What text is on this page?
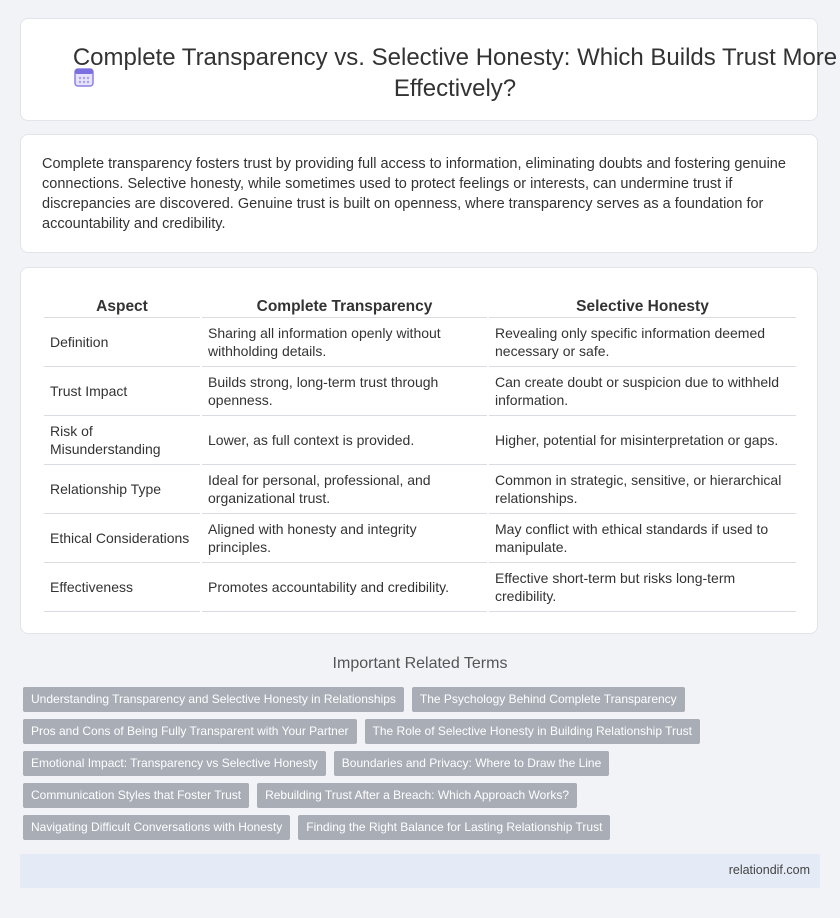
Complete Transparency vs. Selective Honesty: Which Builds Trust More Effectively?

Complete transparency fosters trust by providing full access to information, eliminating doubts and fostering genuine connections. Selective honesty, while sometimes used to protect feelings or interests, can undermine trust if discrepancies are discovered. Genuine trust is built on openness, where transparency serves as a foundation for accountability and credibility.

Aspect	Complete Transparency	Selective Honesty
Definition	Sharing all information openly without withholding details.	Revealing only specific information deemed necessary or safe.
Trust Impact	Builds strong, long-term trust through openness.	Can create doubt or suspicion due to withheld information.
Risk of Misunderstanding	Lower, as full context is provided.	Higher, potential for misinterpretation or gaps.
Relationship Type	Ideal for personal, professional, and organizational trust.	Common in strategic, sensitive, or hierarchical relationships.
Ethical Considerations	Aligned with honesty and integrity principles.	May conflict with ethical standards if used to manipulate.
Effectiveness	Promotes accountability and credibility.	Effective short-term but risks long-term credibility.
Important Related Terms
Understanding Transparency and Selective Honesty in Relationships	The Psychology Behind Complete Transparency
Pros and Cons of Being Fully Transparent with Your Partner	The Role of Selective Honesty in Building Relationship Trust
Emotional Impact: Transparency vs Selective Honesty	Boundaries and Privacy: Where to Draw the Line
Communication Styles that Foster Trust	Rebuilding Trust After a Breach: Which Approach Works?
Navigating Difficult Conversations with Honesty	Finding the Right Balance for Lasting Relationship Trust
relationdif.com
